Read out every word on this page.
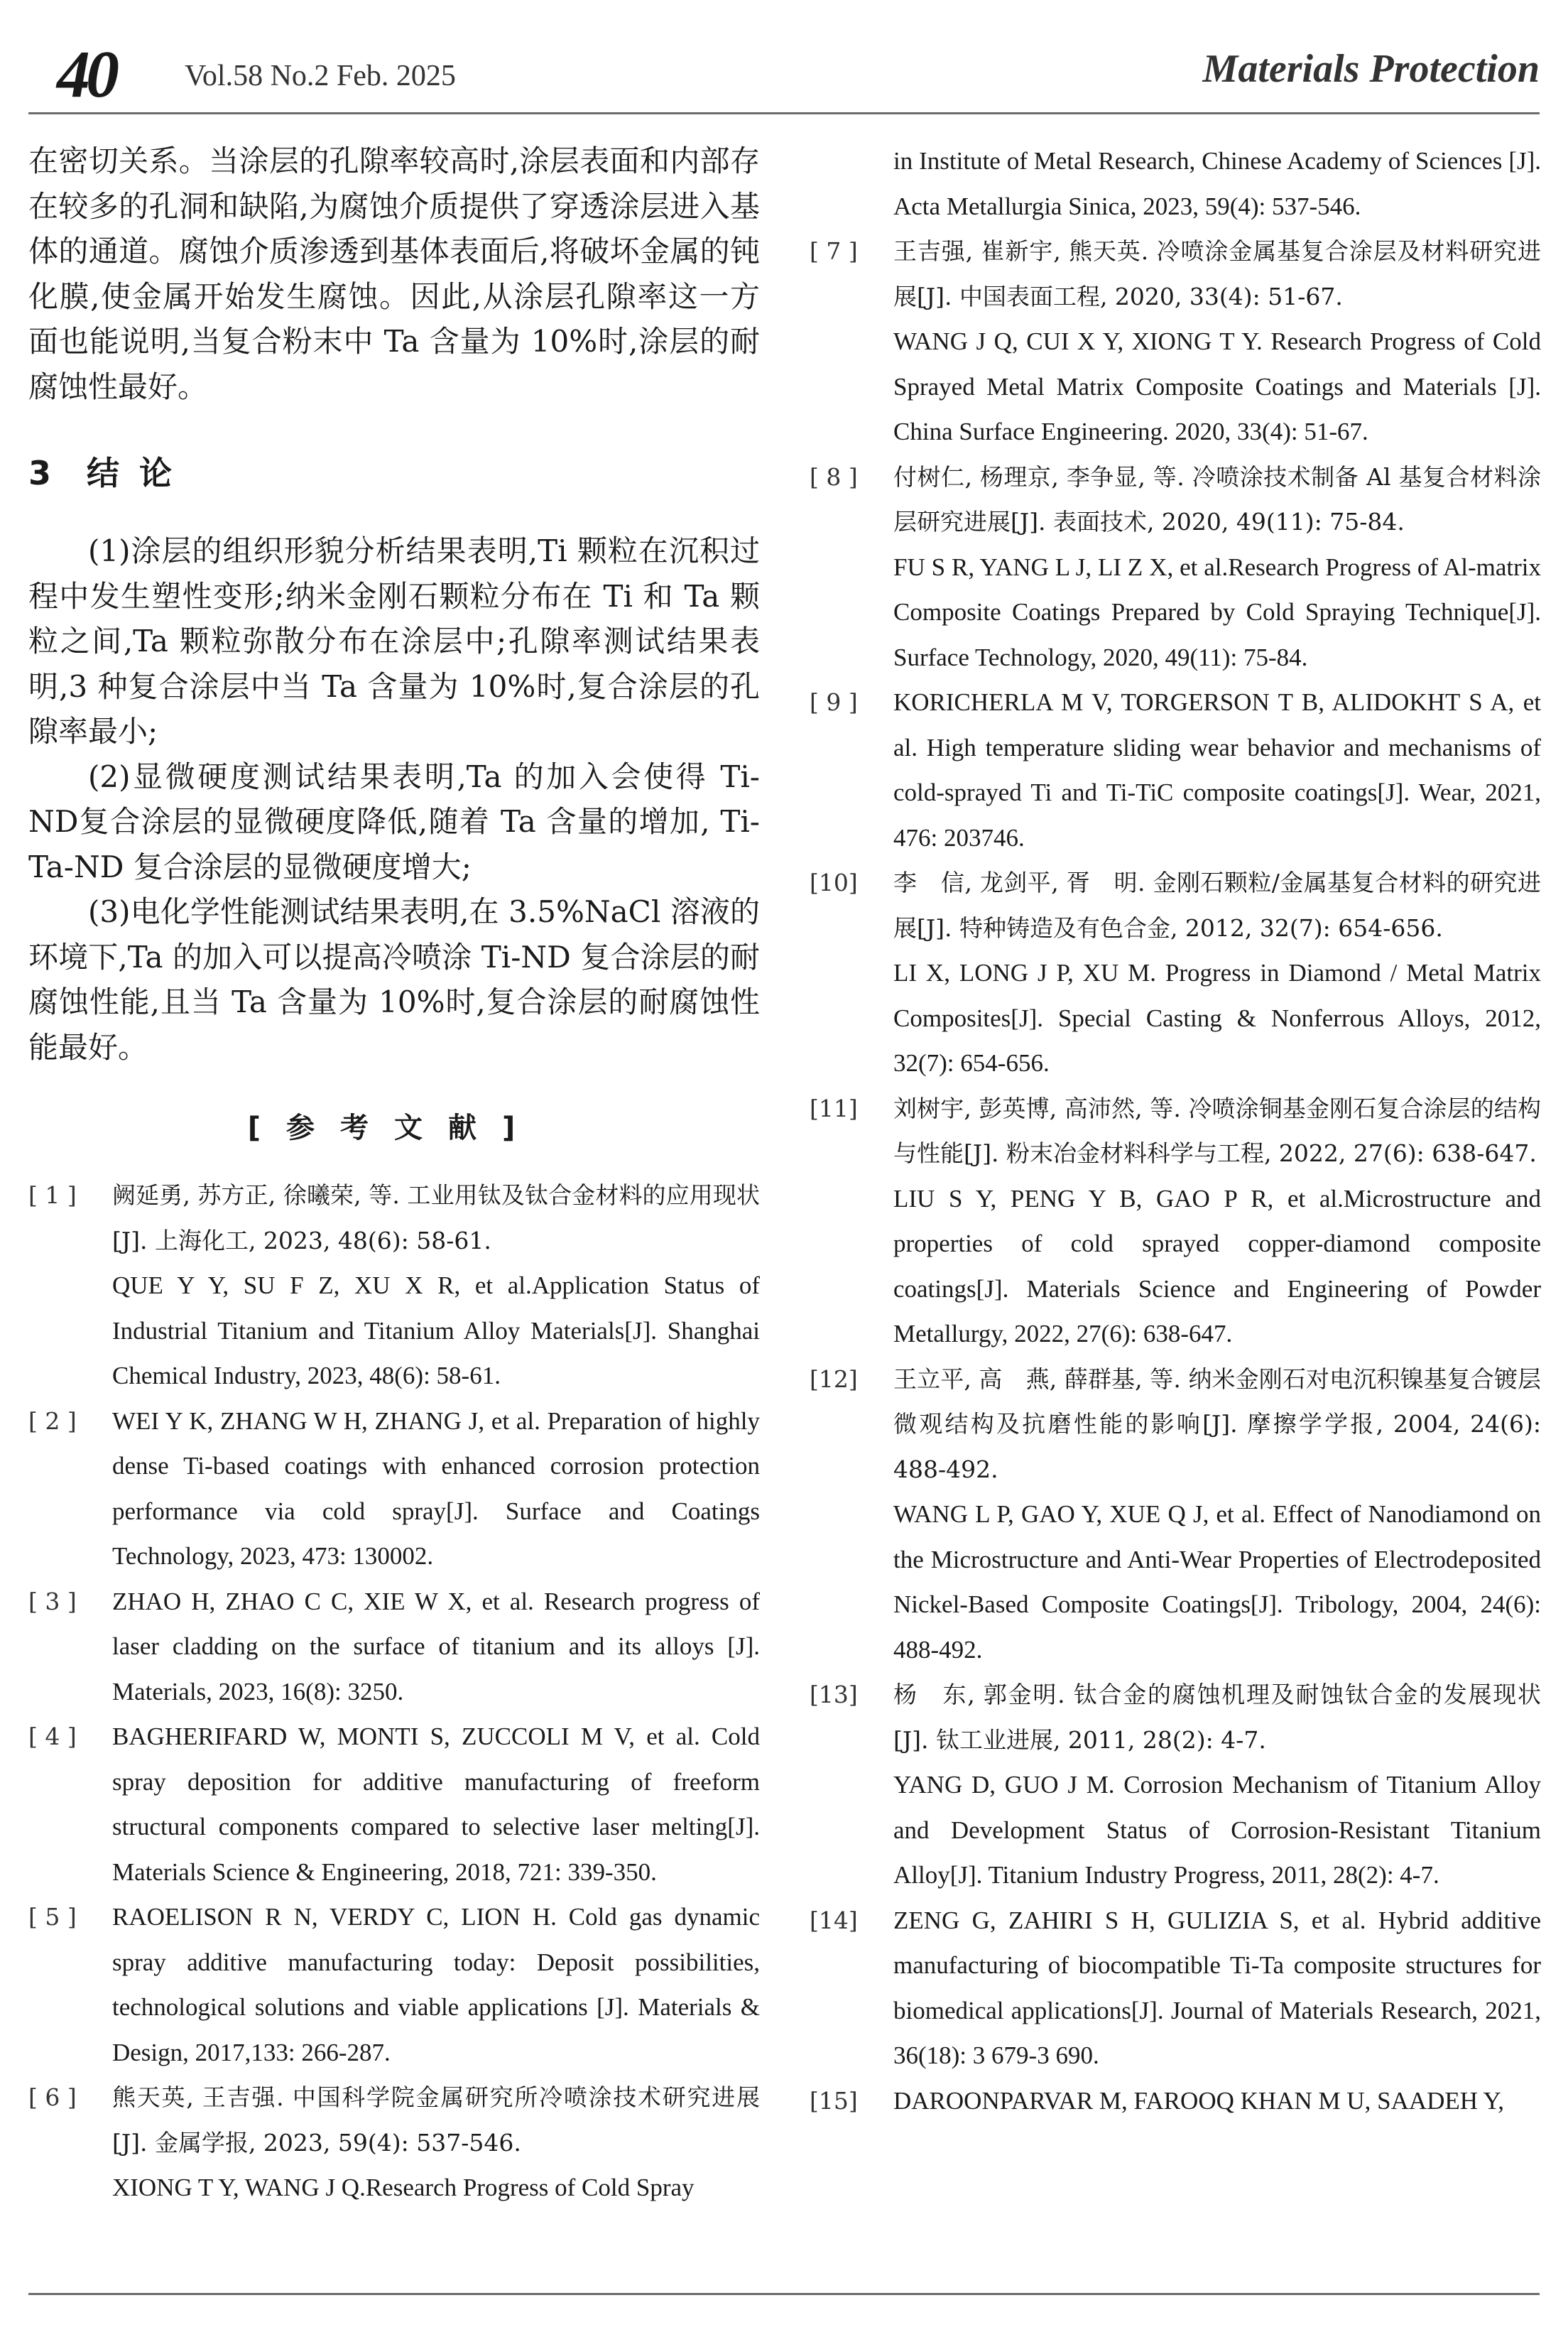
40 Vol.58 No.2 Feb. 2025	Materials Protection

在密切关系。当涂层的孔隙率较高时,涂层表面和内部存在较多的孔洞和缺陷,为腐蚀介质提供了穿透涂层进入基体的通道。腐蚀介质渗透到基体表面后,将破坏金属的钝化膜,使金属开始发生腐蚀。因此,从涂层孔隙率这一方面也能说明,当复合粉末中 Ta 含量为 10%时,涂层的耐腐蚀性最好。

3 结论

(1)涂层的组织形貌分析结果表明,Ti 颗粒在沉积过程中发生塑性变形;纳米金刚石颗粒分布在 Ti 和 Ta 颗粒之间,Ta 颗粒弥散分布在涂层中;孔隙率测试结果表明,3 种复合涂层中当 Ta 含量为 10%时,复合涂层的孔隙率最小;

(2)显微硬度测试结果表明,Ta 的加入会使得 Ti-ND复合涂层的显微硬度降低,随着 Ta 含量的增加, Ti-Ta-ND 复合涂层的显微硬度增大;

(3)电化学性能测试结果表明,在 3.5%NaCl 溶液的环境下,Ta 的加入可以提高冷喷涂 Ti-ND 复合涂层的耐腐蚀性能,且当 Ta 含量为 10%时,复合涂层的耐腐蚀性能最好。

[参考文献]
[ 1 ]	阙延勇, 苏方正, 徐曦荣, 等. 工业用钛及钛合金材料的应用现状[J]. 上海化工, 2023, 48(6): 58-61.
QUE Y Y, SU F Z, XU X R, et al.Application Status of Industrial Titanium and Titanium Alloy Materials[J]. Shanghai Chemical Industry, 2023, 48(6): 58-61.
[ 2 ]	WEI Y K, ZHANG W H, ZHANG J, et al. Preparation of highly dense Ti-based coatings with enhanced corrosion protection performance via cold spray[J]. Surface and Coatings Technology, 2023, 473: 130002.
[ 3 ]	ZHAO H, ZHAO C C, XIE W X, et al. Research progress of laser cladding on the surface of titanium and its alloys [J]. Materials, 2023, 16(8): 3250.
[ 4 ]	BAGHERIFARD W, MONTI S, ZUCCOLI M V, et al. Cold spray deposition for additive manufacturing of freeform structural components compared to selective laser melting[J]. Materials Science & Engineering, 2018, 721: 339-350.
[ 5 ]	RAOELISON R N, VERDY C, LION H. Cold gas dynamic spray additive manufacturing today: Deposit possibilities, technological solutions and viable applications [J]. Materials & Design, 2017,133: 266-287.
[ 6 ]	熊天英, 王吉强. 中国科学院金属研究所冷喷涂技术研究进展[J]. 金属学报, 2023, 59(4): 537-546.
XIONG T Y, WANG J Q.Research Progress of Cold Spray

in Institute of Metal Research, Chinese Academy of Sciences [J]. Acta Metallurgia Sinica, 2023, 59(4): 537-546.

[ 7 ]	王吉强, 崔新宇, 熊天英. 冷喷涂金属基复合涂层及材料研究进展[J]. 中国表面工程, 2020, 33(4): 51-67.
WANG J Q, CUI X Y, XIONG T Y. Research Progress of Cold Sprayed Metal Matrix Composite Coatings and Materials [J]. China Surface Engineering. 2020, 33(4): 51-67.
[ 8 ]	付树仁, 杨理京, 李争显, 等. 冷喷涂技术制备 Al 基复合材料涂层研究进展[J]. 表面技术, 2020, 49(11): 75-84.
FU S R, YANG L J, LI Z X, et al.Research Progress of Al-matrix Composite Coatings Prepared by Cold Spraying Technique[J]. Surface Technology, 2020, 49(11): 75-84.
[ 9 ]	KORICHERLA M V, TORGERSON T B, ALIDOKHT S A, et al. High temperature sliding wear behavior and mechanisms of cold-sprayed Ti and Ti-TiC composite coatings[J]. Wear, 2021, 476: 203746.
[10]	李　信, 龙剑平, 胥　明. 金刚石颗粒/金属基复合材料的研究进展[J]. 特种铸造及有色合金, 2012, 32(7): 654-656.
LI X, LONG J P, XU M. Progress in Diamond / Metal Matrix Composites[J]. Special Casting & Nonferrous Alloys, 2012, 32(7): 654-656.
[11]	刘树宇, 彭英博, 高沛然, 等. 冷喷涂铜基金刚石复合涂层的结构与性能[J]. 粉末冶金材料科学与工程, 2022, 27(6): 638-647.
LIU S Y, PENG Y B, GAO P R, et al.Microstructure and properties of cold sprayed copper-diamond composite coatings[J]. Materials Science and Engineering of Powder Metallurgy, 2022, 27(6): 638-647.
[12]	王立平, 高　燕, 薛群基, 等. 纳米金刚石对电沉积镍基复合镀层微观结构及抗磨性能的影响[J]. 摩擦学学报, 2004, 24(6): 488-492.
WANG L P, GAO Y, XUE Q J, et al. Effect of Nanodiamond on the Microstructure and Anti-Wear Properties of Electrodeposited Nickel-Based Composite Coatings[J]. Tribology, 2004, 24(6): 488-492.
[13]	杨　东, 郭金明. 钛合金的腐蚀机理及耐蚀钛合金的发展现状[J]. 钛工业进展, 2011, 28(2): 4-7.
YANG D, GUO J M. Corrosion Mechanism of Titanium Alloy and Development Status of Corrosion-Resistant Titanium Alloy[J]. Titanium Industry Progress, 2011, 28(2): 4-7.
[14]	ZENG G, ZAHIRI S H, GULIZIA S, et al. Hybrid additive manufacturing of biocompatible Ti-Ta composite structures for biomedical applications[J]. Journal of Materials Research, 2021, 36(18): 3 679-3 690.
[15]	DAROONPARVAR M, FAROOQ KHAN M U, SAADEH Y,
